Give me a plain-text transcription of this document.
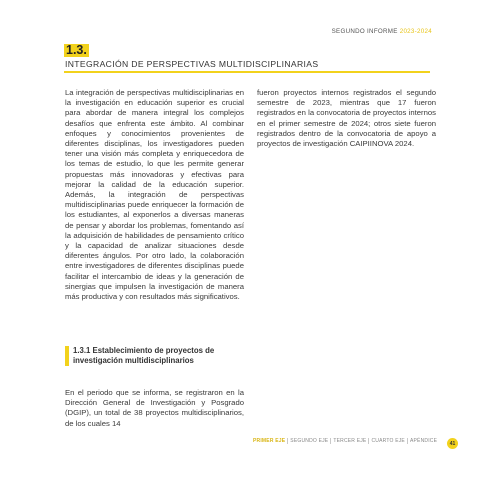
SEGUNDO INFORME 2023-2024
1.3.
INTEGRACIÓN DE PERSPECTIVAS MULTIDISCIPLINARIAS

La integración de perspectivas multidisciplinarias en la investigación en educación superior es crucial para abordar de manera integral los complejos desafíos que enfrenta este ámbito. Al combinar enfoques y conocimientos provenientes de diferentes disciplinas, los investigadores pueden tener una visión más completa y enriquecedora de los temas de estudio, lo que les permite generar propuestas más innovadoras y efectivas para mejorar la calidad de la educación superior. Además, la integración de perspectivas multidisciplinarias puede enriquecer la formación de los estudiantes, al exponerlos a diversas maneras de pensar y abordar los problemas, fomentando así la adquisición de habilidades de pensamiento crítico y la capacidad de analizar situaciones desde diferentes ángulos. Por otro lado, la colaboración entre investigadores de diferentes disciplinas puede facilitar el intercambio de ideas y la generación de sinergias que impulsen la investigación de manera más productiva y con resultados más significativos.

1.3.1 Establecimiento de proyectos de investigación multidisciplinarios

En el periodo que se informa, se registraron en la Dirección General de Investigación y Posgrado (DGIP), un total de 38 proyectos multidisciplinarios, de los cuales 14

fueron proyectos internos registrados el segundo semestre de 2023, mientras que 17 fueron registrados en la convocatoria de proyectos internos en el primer semestre de 2024; otros siete fueron registrados dentro de la convocatoria de apoyo a proyectos de investigación CAIPIINOVA 2024.

PRIMER EJE	SEGUNDO EJE	TERCER EJE	CUARTO EJE	APÉNDICE	41
